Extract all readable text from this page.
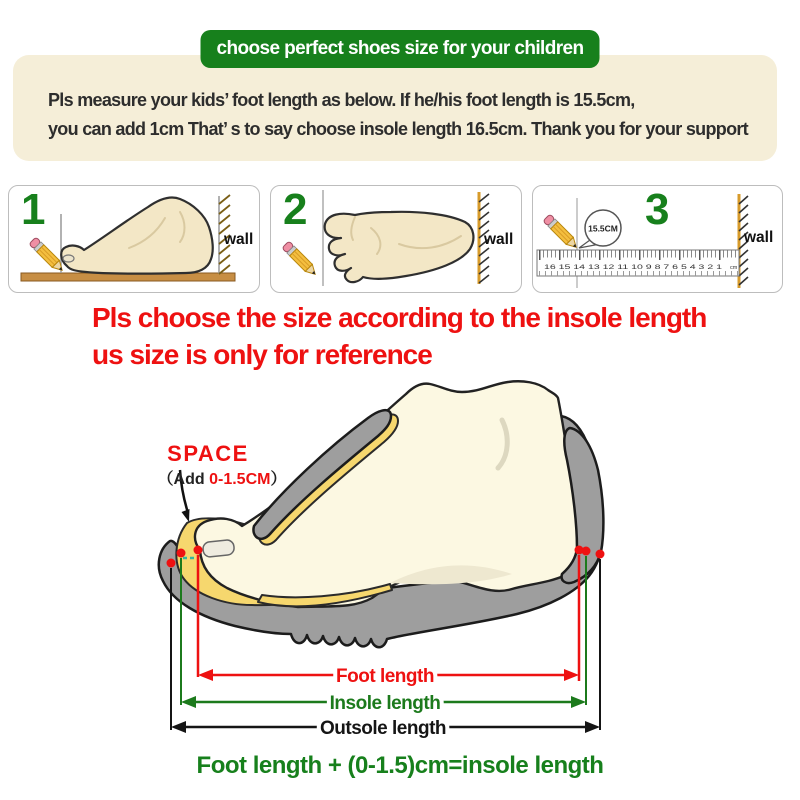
choose perfect shoes size for your children
Pls measure your kids’ foot length as below. If he/his foot length is 15.5cm,
you can add 1cm That’ s to say choose insole length 16.5cm. Thank you for your support
1
wall
2
wall
3
16 15 14 13 12 11 10 9 8 7 6 5 4 3 2 1 cm
15.5CM
wall
Pls choose the size according to the insole length
us size is only for reference
Foot length
Insole length
Outsole length
SPACE
（Add 0-1.5CM）
Foot length + (0-1.5)cm=insole length
